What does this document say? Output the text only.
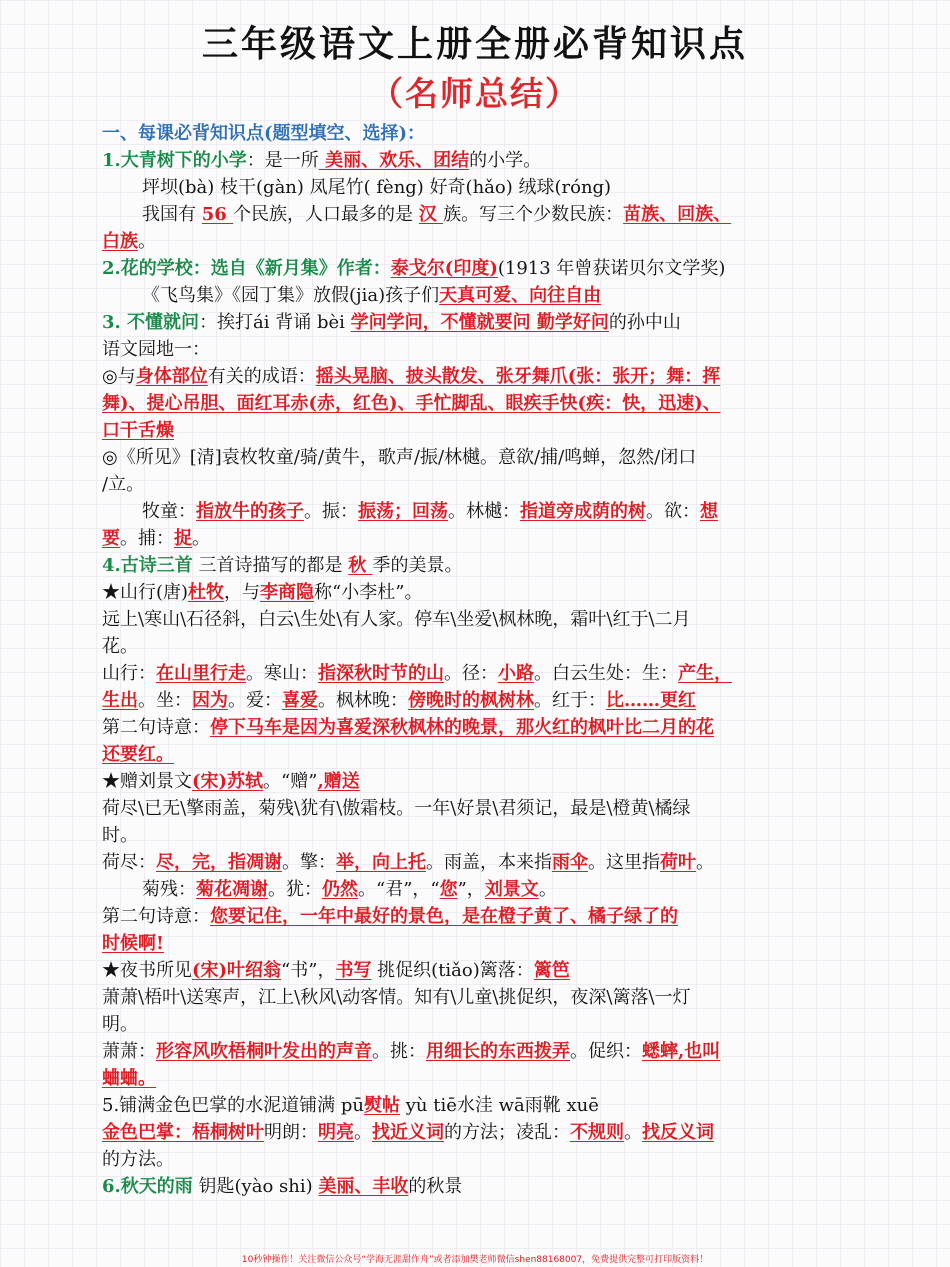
三年级语文上册全册必背知识点
（名师总结）
一、每课必背知识点(题型填空、选择)：
1.大青树下的小学：是一所 美丽、欢乐、团结的小学。
坪坝(bà) 枝干(gàn) 凤尾竹( fèng) 好奇(hǎo) 绒球(róng)
我国有 56 个民族，人口最多的是 汉 族。写三个少数民族：苗族、回族、
白族。
2.花的学校：选自《新月集》作者：泰戈尔(印度)(1913 年曾获诺贝尔文学奖)
《飞鸟集》《园丁集》放假(jia)孩子们天真可爱、向往自由
3. 不懂就问：挨打ái 背诵 bèi 学问学问，不懂就要问 勤学好问的孙中山
语文园地一：
◎与身体部位有关的成语：摇头晃脑、披头散发、张牙舞爪(张：张开；舞：挥
舞)、提心吊胆、面红耳赤(赤，红色)、手忙脚乱、眼疾手快(疾：快，迅速)、
口干舌燥
◎《所见》[清]袁枚牧童/骑/黄牛，歌声/振/林樾。意欲/捕/鸣蝉，忽然/闭口
/立。
牧童：指放牛的孩子。振：振荡；回荡。林樾：指道旁成荫的树。欲：想
要。捕：捉。
4.古诗三首 三首诗描写的都是 秋 季的美景。
★山行(唐)杜牧，与李商隐称“小李杜”。
远上\寒山\石径斜，白云\生处\有人家。停车\坐爱\枫林晚，霜叶\红于\二月
花。
山行：在山里行走。寒山：指深秋时节的山。径：小路。白云生处：生：产生，
生出。坐：因为。爱：喜爱。枫林晚：傍晚时的枫树林。红于：比……更红
第二句诗意：停下马车是因为喜爱深秋枫林的晚景，那火红的枫叶比二月的花
还要红。
★赠刘景文(宋)苏轼。“赠”,赠送
荷尽\已无\擎雨盖，菊残\犹有\傲霜枝。一年\好景\君须记，最是\橙黄\橘绿
时。
荷尽：尽，完，指凋谢。擎：举，向上托。雨盖，本来指雨伞。这里指荷叶。
菊残：菊花凋谢。犹：仍然。“君”，“您”，刘景文。
第二句诗意：您要记住，一年中最好的景色，是在橙子黄了、橘子绿了的
时候啊!
★夜书所见(宋)叶绍翁“书”，书写 挑促织(tiǎo)篱落：篱笆
萧萧\梧叶\送寒声，江上\秋风\动客情。知有\儿童\挑促织，夜深\篱落\一灯
明。
萧萧：形容风吹梧桐叶发出的声音。挑：用细长的东西拨弄。促织：蟋蟀,也叫
蛐蛐。
5.铺满金色巴掌的水泥道铺满 pū熨帖 yù tiē水洼 wā雨靴 xuē
金色巴掌：梧桐树叶明朗：明亮。找近义词的方法；凌乱：不规则。找反义词
的方法。
6.秋天的雨 钥匙(yào shi) 美丽、丰收的秋景
10秒钟操作！关注微信公众号“学海无涯甜作舟”或者添加樊老师微信shen88168007，免费提供完整可打印版资料！
